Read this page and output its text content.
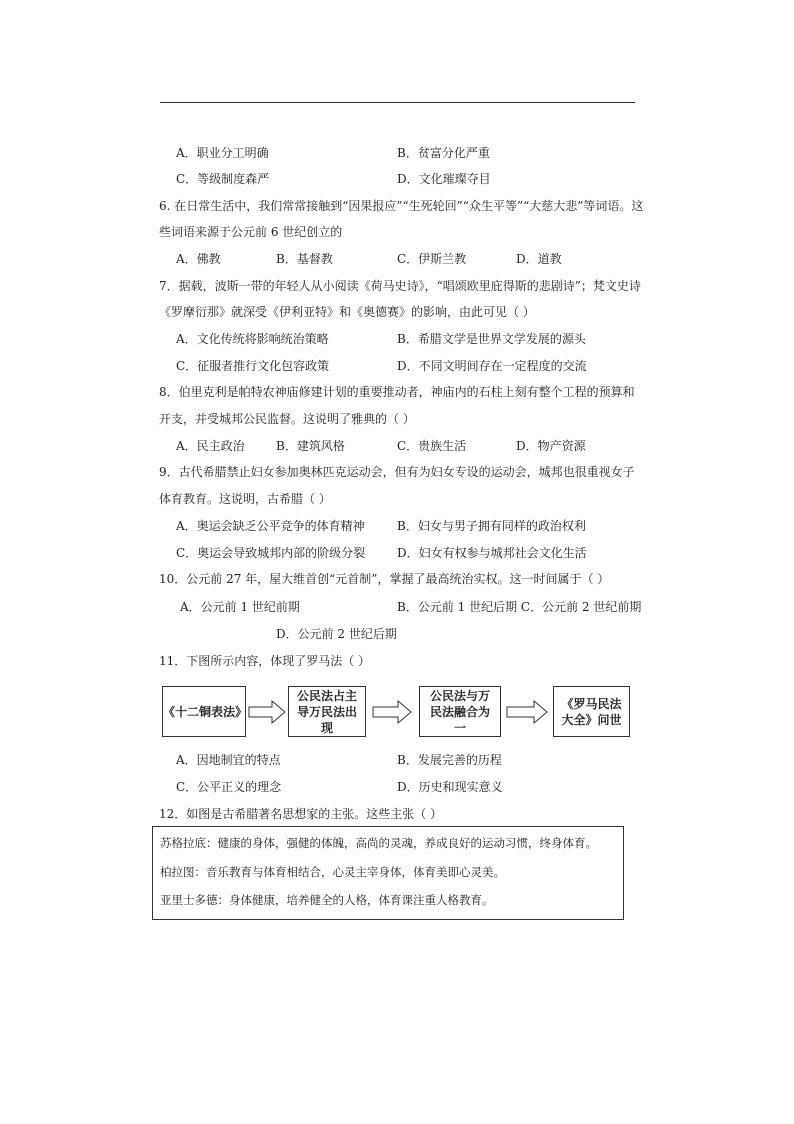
A．职业分工明确	B．贫富分化严重
C．等级制度森严	D．文化璀璨夺目
6. 在日常生活中，我们常常接触到“因果报应”“生死轮回”“众生平等”“大慈大悲”等词语。这
些词语来源于公元前 6 世纪创立的
A．佛教	B．基督教	C．伊斯兰教	D．道教
7．据载，波斯一带的年轻人从小阅读《荷马史诗》，“唱颂欧里庇得斯的悲剧诗”；梵文史诗
《罗摩衍那》就深受《伊利亚特》和《奥德赛》的影响，由此可见（ ）
A．文化传统将影响统治策略	B．希腊文学是世界文学发展的源头
C．征服者推行文化包容政策	D．不同文明间存在一定程度的交流
8．伯里克利是帕特农神庙修建计划的重要推动者，神庙内的石柱上刻有整个工程的预算和
开支，并受城邦公民监督。这说明了雅典的（ ）
A．民主政治	B．建筑风格	C．贵族生活	D．物产资源
9．古代希腊禁止妇女参加奥林匹克运动会，但有为妇女专设的运动会，城邦也很重视女子
体育教育。这说明，古希腊（ ）
A．奥运会缺乏公平竞争的体育精神	B．妇女与男子拥有同样的政治权利
C．奥运会导致城邦内部的阶级分裂	D．妇女有权参与城邦社会文化生活
10．公元前 27 年，屋大维首创“元首制”，掌握了最高统治实权。这一时间属于（ ）
A．公元前 1 世纪前期	B．公元前 1 世纪后期 C．公元前 2 世纪前期
D．公元前 2 世纪后期
11．下图所示内容，体现了罗马法（ ）
《十二铜表法》
公民法占主导万民法出现
公民法与万民法融合为一
《罗马民法大全》问世
A．因地制宜的特点	B．发展完善的历程
C．公平正义的理念	D．历史和现实意义
12．如图是古希腊著名思想家的主张。这些主张（ ）
苏格拉底：健康的身体，强健的体魄，高尚的灵魂，养成良好的运动习惯，终身体育。
柏拉图：音乐教育与体育相结合，心灵主宰身体，体育美即心灵美。
亚里士多德：身体健康，培养健全的人格，体育课注重人格教育。
